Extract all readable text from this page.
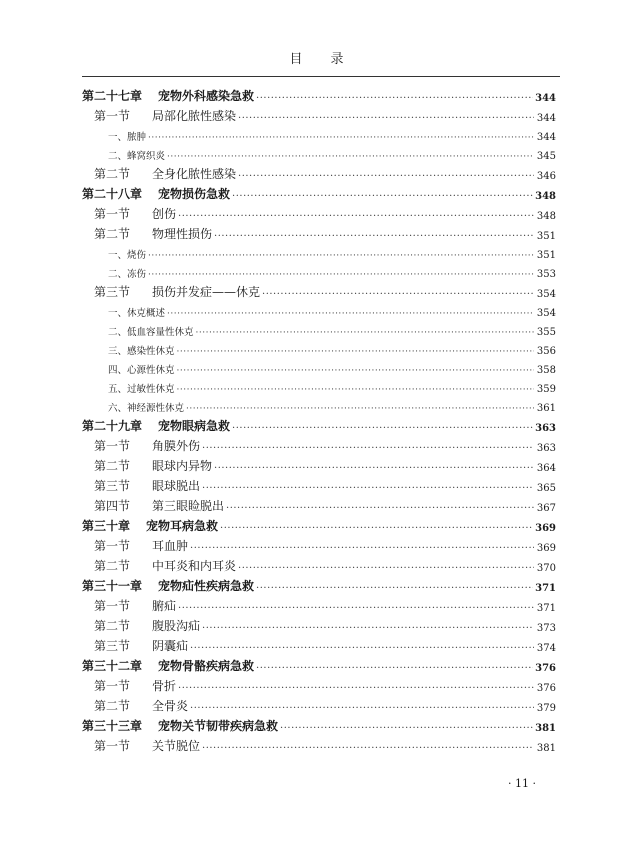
目 录
第二十七章 宠物外科感染急救 ·····	344
第一节 局部化脓性感染 ·····	344
一、脓肿 ·····	344
二、蜂窝织炎 ·····	345
第二节 全身化脓性感染 ·····	346
第二十八章 宠物损伤急救 ·····	348
第一节 创伤 ·····	348
第二节 物理性损伤 ·····	351
一、烧伤 ·····	351
二、冻伤 ·····	353
第三节 损伤并发症——休克 ·····	354
一、休克概述 ·····	354
二、低血容量性休克 ·····	355
三、感染性休克 ·····	356
四、心源性休克 ·····	358
五、过敏性休克 ·····	359
六、神经源性休克 ·····	361
第二十九章 宠物眼病急救 ·····	363
第一节 角膜外伤 ·····	363
第二节 眼球内异物 ·····	364
第三节 眼球脱出 ·····	365
第四节 第三眼睑脱出 ·····	367
第三十章 宠物耳病急救 ·····	369
第一节 耳血肿 ·····	369
第二节 中耳炎和内耳炎 ·····	370
第三十一章 宠物疝性疾病急救 ·····	371
第一节 腑疝 ·····	371
第二节 腹股沟疝 ·····	373
第三节 阴囊疝 ·····	374
第三十二章 宠物骨骼疾病急救 ·····	376
第一节 骨折 ·····	376
第二节 全骨炎 ·····	379
第三十三章 宠物关节韧带疾病急救 ·····	381
第一节 关节脱位 ·····	381
· 11 ·
